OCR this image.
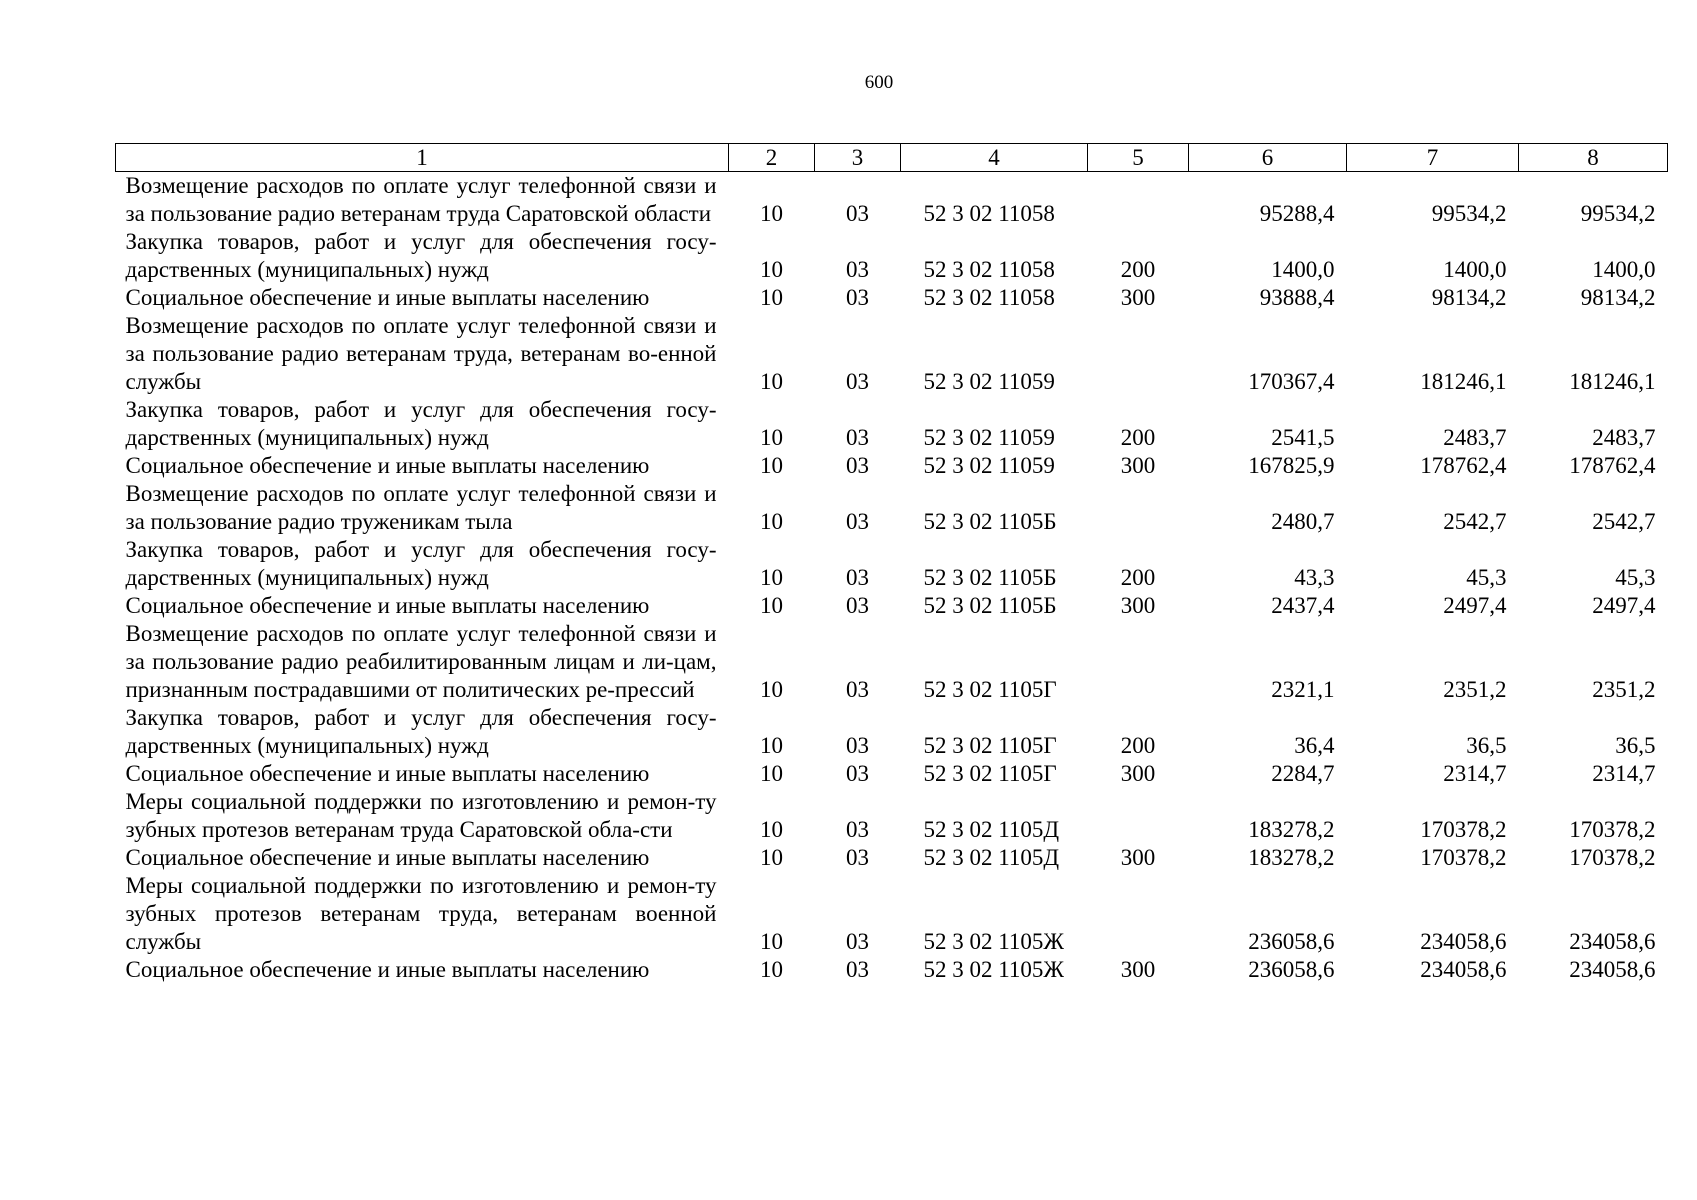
600
1	2	3	4	5	6	7	8
Возмещение расходов по оплате услуг телефонной связи и за пользование радио ветеранам труда Саратовской области	10	03	52 3 02 11058		95288,4	99534,2	99534,2
Закупка товаров, работ и услуг для обеспечения госу-дарственных (муниципальных) нужд	10	03	52 3 02 11058	200	1400,0	1400,0	1400,0
Социальное обеспечение и иные выплаты населению	10	03	52 3 02 11058	300	93888,4	98134,2	98134,2
Возмещение расходов по оплате услуг телефонной связи и за пользование радио ветеранам труда, ветеранам во-енной службы	10	03	52 3 02 11059		170367,4	181246,1	181246,1
Закупка товаров, работ и услуг для обеспечения госу-дарственных (муниципальных) нужд	10	03	52 3 02 11059	200	2541,5	2483,7	2483,7
Социальное обеспечение и иные выплаты населению	10	03	52 3 02 11059	300	167825,9	178762,4	178762,4
Возмещение расходов по оплате услуг телефонной связи и за пользование радио труженикам тыла	10	03	52 3 02 1105Б		2480,7	2542,7	2542,7
Закупка товаров, работ и услуг для обеспечения госу-дарственных (муниципальных) нужд	10	03	52 3 02 1105Б	200	43,3	45,3	45,3
Социальное обеспечение и иные выплаты населению	10	03	52 3 02 1105Б	300	2437,4	2497,4	2497,4
Возмещение расходов по оплате услуг телефонной связи и за пользование радио реабилитированным лицам и ли-цам, признанным пострадавшими от политических ре-прессий	10	03	52 3 02 1105Г		2321,1	2351,2	2351,2
Закупка товаров, работ и услуг для обеспечения госу-дарственных (муниципальных) нужд	10	03	52 3 02 1105Г	200	36,4	36,5	36,5
Социальное обеспечение и иные выплаты населению	10	03	52 3 02 1105Г	300	2284,7	2314,7	2314,7
Меры социальной поддержки по изготовлению и ремон-ту зубных протезов ветеранам труда Саратовской обла-сти	10	03	52 3 02 1105Д		183278,2	170378,2	170378,2
Социальное обеспечение и иные выплаты населению	10	03	52 3 02 1105Д	300	183278,2	170378,2	170378,2
Меры социальной поддержки по изготовлению и ремон-ту зубных протезов ветеранам труда, ветеранам военной службы	10	03	52 3 02 1105Ж		236058,6	234058,6	234058,6
Социальное обеспечение и иные выплаты населению	10	03	52 3 02 1105Ж	300	236058,6	234058,6	234058,6
